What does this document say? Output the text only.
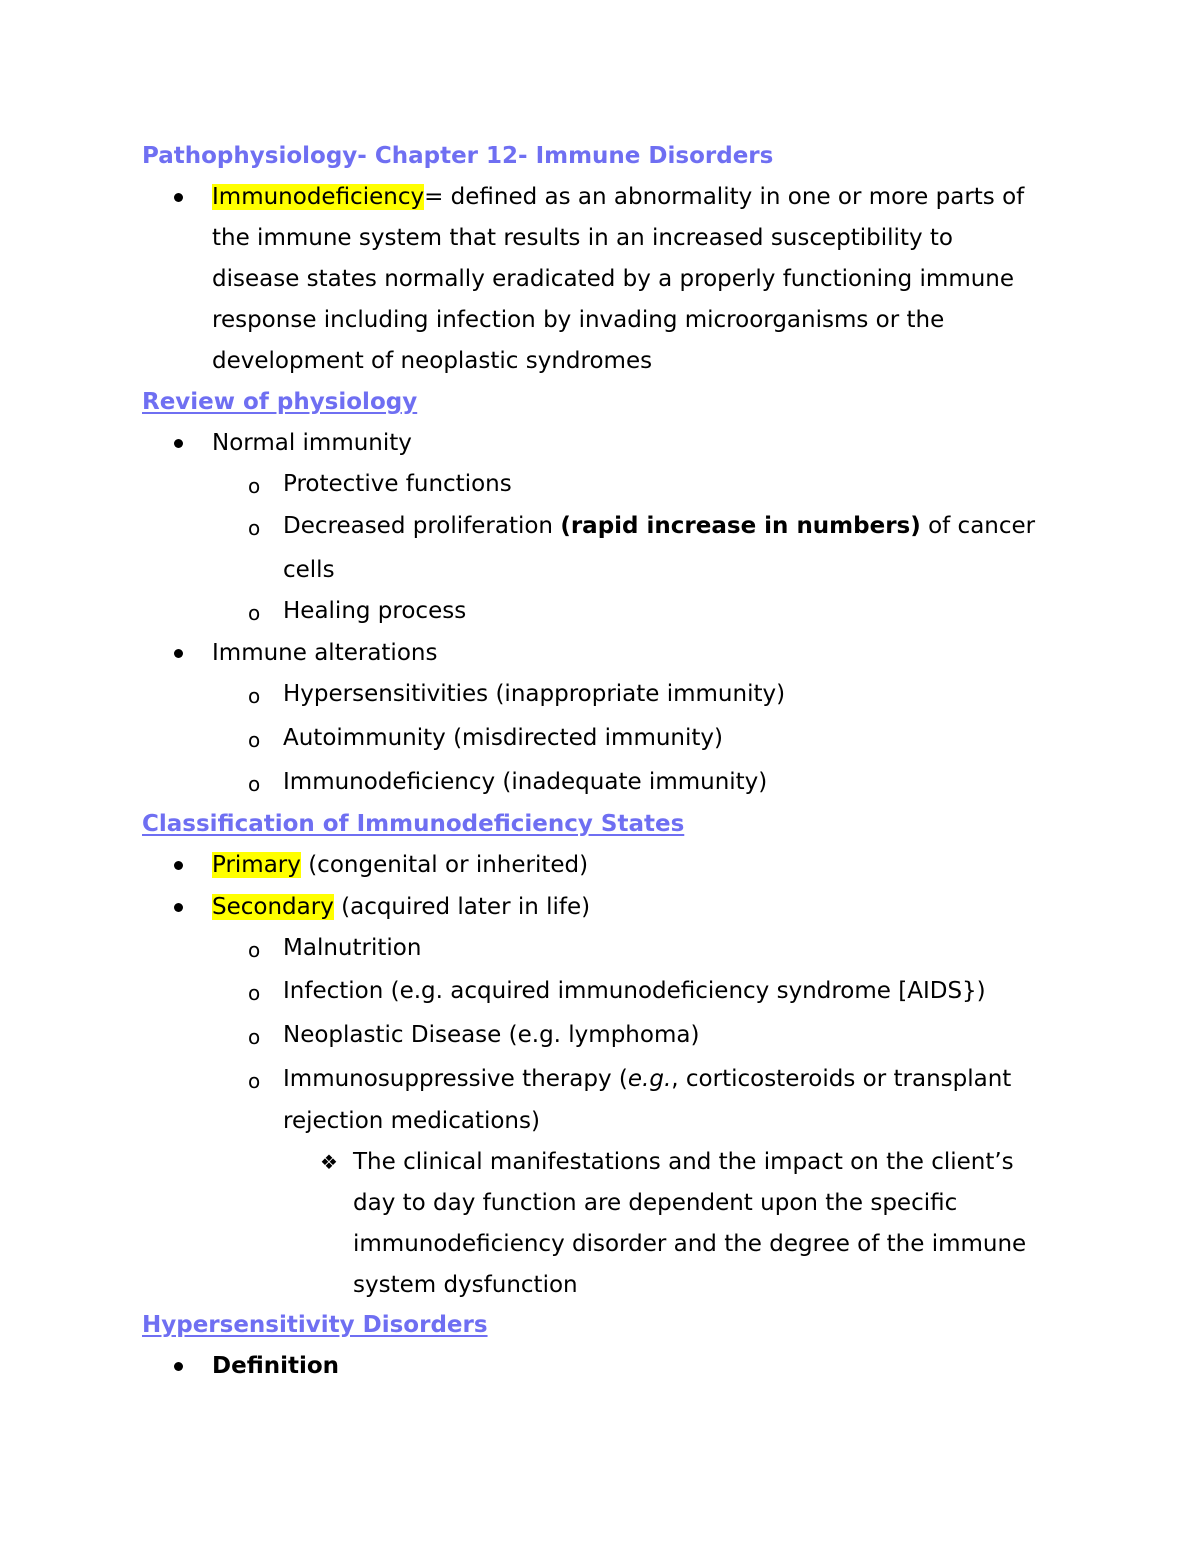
Pathophysiology- Chapter 12- Immune Disorders
Immunodeficiency= defined as an abnormality in one or more parts of
the immune system that results in an increased susceptibility to
disease states normally eradicated by a properly functioning immune
response including infection by invading microorganisms or the
development of neoplastic syndromes
Review of physiology
Normal immunity
o Protective functions
o Decreased proliferation (rapid increase in numbers) of cancer
cells
o Healing process
Immune alterations
o Hypersensitivities (inappropriate immunity)
o Autoimmunity (misdirected immunity)
o Immunodeficiency (inadequate immunity)
Classification of Immunodeficiency States
Primary (congenital or inherited)
Secondary (acquired later in life)
o Malnutrition
o Infection (e.g. acquired immunodeficiency syndrome [AIDS})
o Neoplastic Disease (e.g. lymphoma)
o Immunosuppressive therapy (e.g., corticosteroids or transplant
rejection medications)
❖ The clinical manifestations and the impact on the client’s
day to day function are dependent upon the specific
immunodeficiency disorder and the degree of the immune
system dysfunction
Hypersensitivity Disorders
Definition
